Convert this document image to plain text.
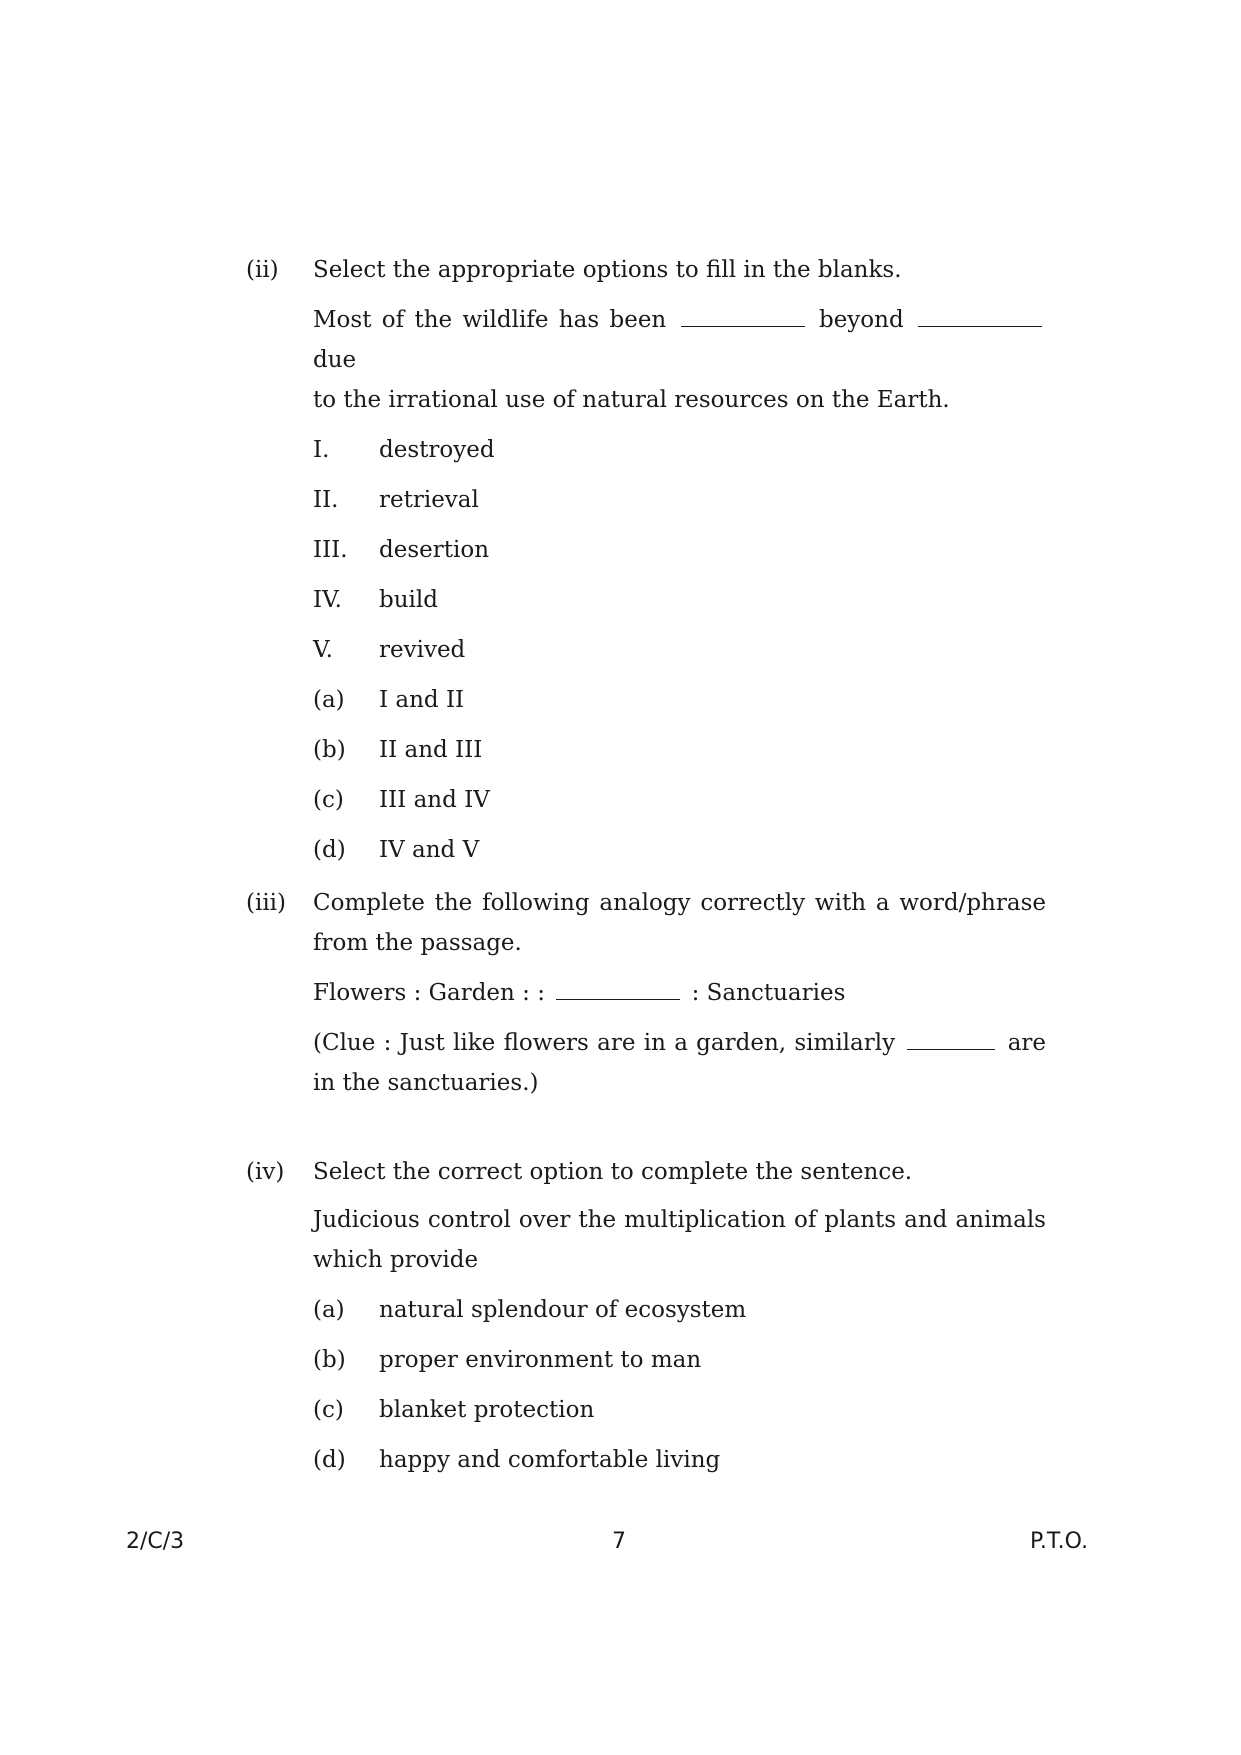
(ii) Select the appropriate options to fill in the blanks.

Most of the wildlife has been	beyond  due

to the irrational use of natural resources on the Earth.

I.	destroyed
II.	retrieval
III.	desertion
IV.	build
V.	revived
(a)	I and II
(b)	II and III
(c)	III and IV
(d)	IV and V
(iii) Complete the following analogy correctly with a word/phrase

from the passage.

Flowers : Garden : :	: Sanctuaries

(Clue : Just like flowers are in a garden, similarly	are

in the sanctuaries.)

(iv) Select the correct option to complete the sentence.

Judicious control over the multiplication of plants and animals

which provide

(a)	natural splendour of ecosystem
(b)	proper environment to man
(c)	blanket protection
(d)	happy and comfortable living
2/C/3	7	P.T.O.
